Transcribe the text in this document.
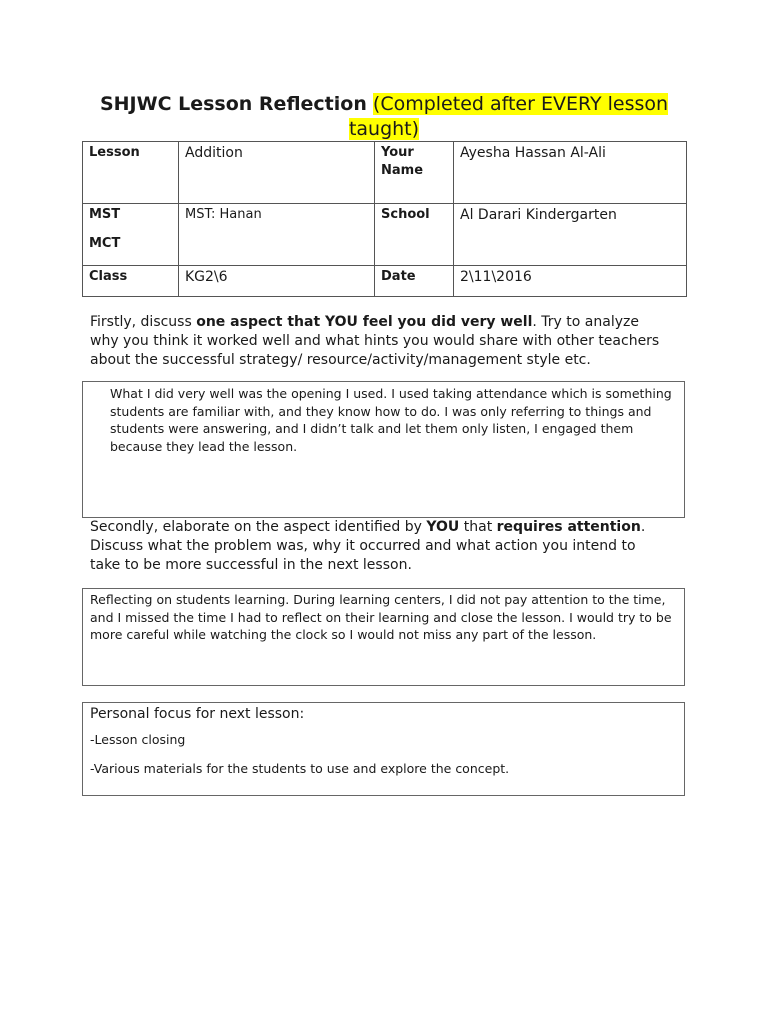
SHJWC Lesson Reflection (Completed after EVERY lesson taught)
Lesson	Addition	Your Name	Ayesha Hassan Al-Ali

MST
MCT	MST: Hanan	School	Al Darari Kindergarten
Class	KG2\6	Date	2\11\2016
Firstly, discuss one aspect that YOU feel you did very well. Try to analyze why you think it worked well and what hints you would share with other teachers about the successful strategy/ resource/activity/management style etc.
What I did very well was the opening I used. I used taking attendance which is something students are familiar with, and they know how to do. I was only referring to things and students were answering, and I didn’t talk and let them only listen, I engaged them because they lead the lesson.
Secondly, elaborate on the aspect identified by YOU that requires attention. Discuss what the problem was, why it occurred and what action you intend to take to be more successful in the next lesson.
Reflecting on students learning. During learning centers, I did not pay attention to the time, and I missed the time I had to reflect on their learning and close the lesson. I would try to be more careful while watching the clock so I would not miss any part of the lesson.
Personal focus for next lesson:
-Lesson closing
-Various materials for the students to use and explore the concept.
